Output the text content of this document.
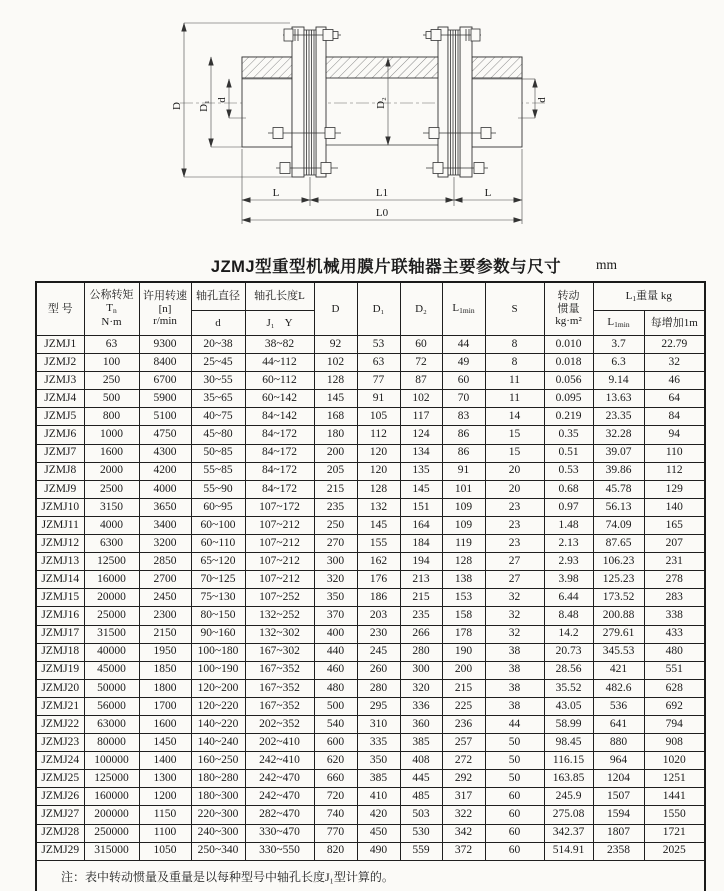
D D₁
d	D₂	d
L	L1	L
L0
JZMJ型重型机械用膜片联轴器主要参数与尺寸	mm
型 号	
公称转矩
$T_n$
N·m

许用转速
[n]
r/min
	轴孔直径	轴孔长度L	D	D₁	D₂	$L_{1min}$	S	
转动
惯量
kg·m²
	$L_1$重量 kg
			d	J₁ Y							$L_{1min}$	每增加1m
JZMJ1	63	9300	20~38	38~82	92	53	60	44	8	0.010	3.7	22.79
JZMJ2	100	8400	25~45	44~112	102	63	72	49	8	0.018	6.3	32
JZMJ3	250	6700	30~55	60~112	128	77	87	60	11	0.056	9.14	46
JZMJ4	500	5900	35~65	60~142	145	91	102	70	11	0.095	13.63	64
JZMJ5	800	5100	40~75	84~142	168	105	117	83	14	0.219	23.35	84
JZMJ6	1000	4750	45~80	84~172	180	112	124	86	15	0.35	32.28	94
JZMJ7	1600	4300	50~85	84~172	200	120	134	86	15	0.51	39.07	110
JZMJ8	2000	4200	55~85	84~172	205	120	135	91	20	0.53	39.86	112
JZMJ9	2500	4000	55~90	84~172	215	128	145	101	20	0.68	45.78	129
JZMJ10	3150	3650	60~95	107~172	235	132	151	109	23	0.97	56.13	140
JZMJ11	4000	3400	60~100	107~212	250	145	164	109	23	1.48	74.09	165
JZMJ12	6300	3200	60~110	107~212	270	155	184	119	23	2.13	87.65	207
JZMJ13	12500	2850	65~120	107~212	300	162	194	128	27	2.93	106.23	231
JZMJ14	16000	2700	70~125	107~212	320	176	213	138	27	3.98	125.23	278
JZMJ15	20000	2450	75~130	107~252	350	186	215	153	32	6.44	173.52	283
JZMJ16	25000	2300	80~150	132~252	370	203	235	158	32	8.48	200.88	338
JZMJ17	31500	2150	90~160	132~302	400	230	266	178	32	14.2	279.61	433
JZMJ18	40000	1950	100~180	167~302	440	245	280	190	38	20.73	345.53	480
JZMJ19	45000	1850	100~190	167~352	460	260	300	200	38	28.56	421	551
JZMJ20	50000	1800	120~200	167~352	480	280	320	215	38	35.52	482.6	628
JZMJ21	56000	1700	120~220	167~352	500	295	336	225	38	43.05	536	692
JZMJ22	63000	1600	140~220	202~352	540	310	360	236	44	58.99	641	794
JZMJ23	80000	1450	140~240	202~410	600	335	385	257	50	98.45	880	908
JZMJ24	100000	1400	160~250	242~410	620	350	408	272	50	116.15	964	1020
JZMJ25	125000	1300	180~280	242~470	660	385	445	292	50	163.85	1204	1251
JZMJ26	160000	1200	180~300	242~470	720	410	485	317	60	245.9	1507	1441
JZMJ27	200000	1150	220~300	282~470	740	420	503	322	60	275.08	1594	1550
JZMJ28	250000	1100	240~300	330~470	770	450	530	342	60	342.37	1807	1721
JZMJ29	315000	1050	250~340	330~550	820	490	559	372	60	514.91	2358	2025
注：表中转动惯量及重量是以每种型号中轴孔长度J₁型计算的。												
